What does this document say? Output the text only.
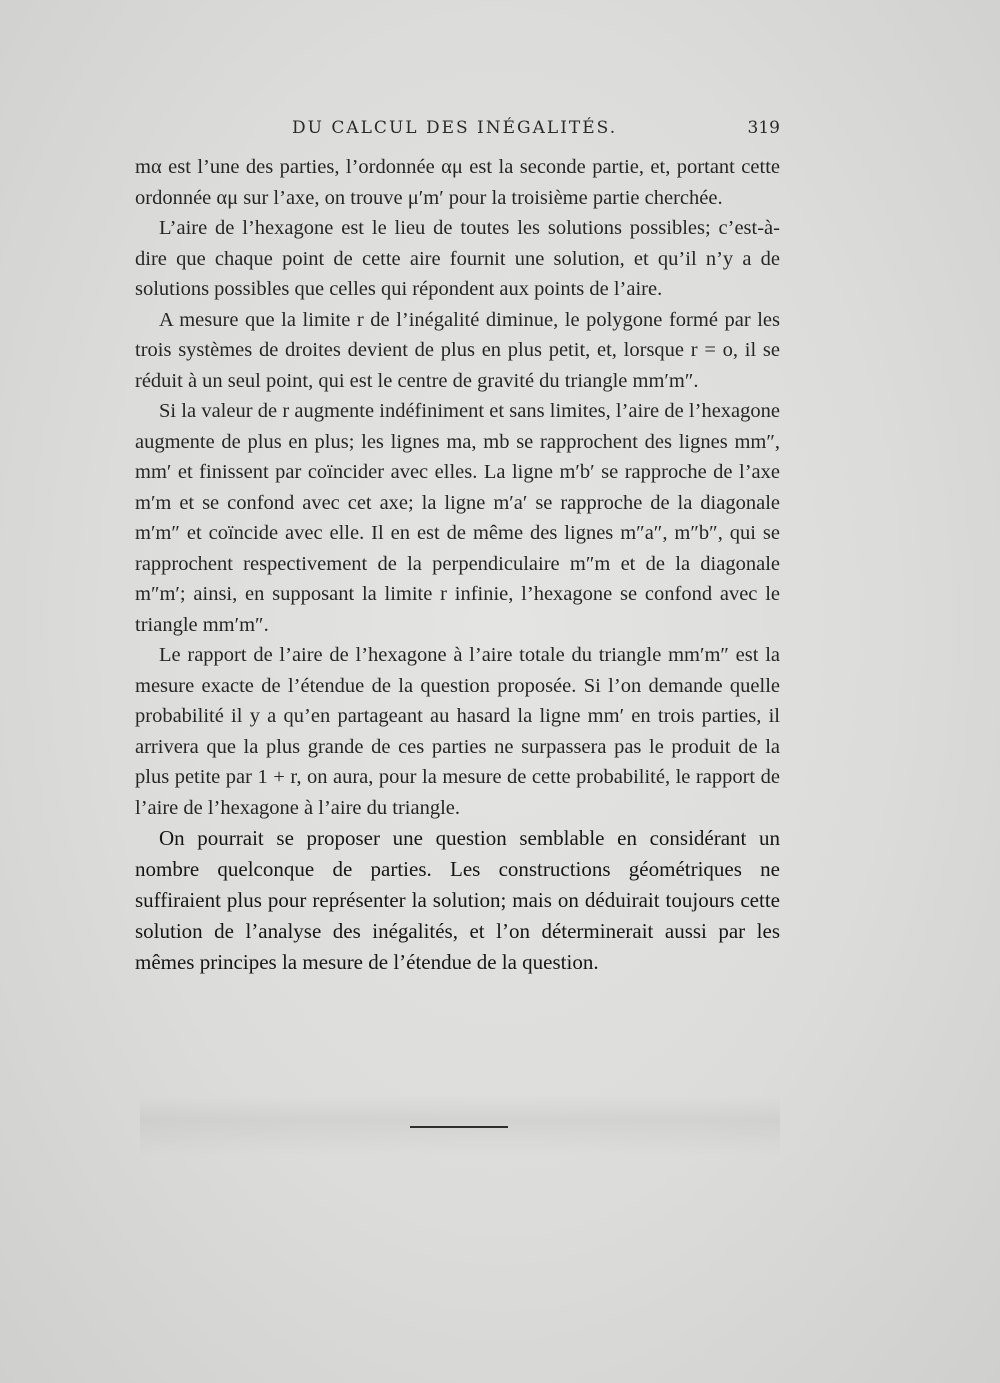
DU CALCUL DES INÉGALITÉS.	319

mα est l’une des parties, l’ordonnée αμ est la seconde partie, et, portant cette ordonnée αμ sur l’axe, on trouve μ′m′ pour la troisième partie cherchée.

L’aire de l’hexagone est le lieu de toutes les solutions possibles; c’est-à-dire que chaque point de cette aire fournit une solution, et qu’il n’y a de solutions possibles que celles qui répondent aux points de l’aire.

A mesure que la limite r de l’inégalité diminue, le polygone formé par les trois systèmes de droites devient de plus en plus petit, et, lorsque r = o, il se réduit à un seul point, qui est le centre de gravité du triangle mm′m″.

Si la valeur de r augmente indéfiniment et sans limites, l’aire de l’hexagone augmente de plus en plus; les lignes ma, mb se rapprochent des lignes mm″, mm′ et finissent par coïncider avec elles. La ligne m′b′ se rapproche de l’axe m′m et se confond avec cet axe; la ligne m′a′ se rapproche de la diagonale m′m″ et coïncide avec elle. Il en est de même des lignes m″a″, m″b″, qui se rapprochent respectivement de la perpendiculaire m″m et de la diagonale m″m′; ainsi, en supposant la limite r infinie, l’hexagone se confond avec le triangle mm′m″.

Le rapport de l’aire de l’hexagone à l’aire totale du triangle mm′m″ est la mesure exacte de l’étendue de la question proposée. Si l’on demande quelle probabilité il y a qu’en partageant au hasard la ligne mm′ en trois parties, il arrivera que la plus grande de ces parties ne surpassera pas le produit de la plus petite par 1 + r, on aura, pour la mesure de cette probabilité, le rapport de l’aire de l’hexagone à l’aire du triangle.

On pourrait se proposer une question semblable en considérant un nombre quelconque de parties. Les constructions géométriques ne suffiraient plus pour représenter la solution; mais on déduirait toujours cette solution de l’analyse des inégalités, et l’on déterminerait aussi par les mêmes principes la mesure de l’étendue de la question.
